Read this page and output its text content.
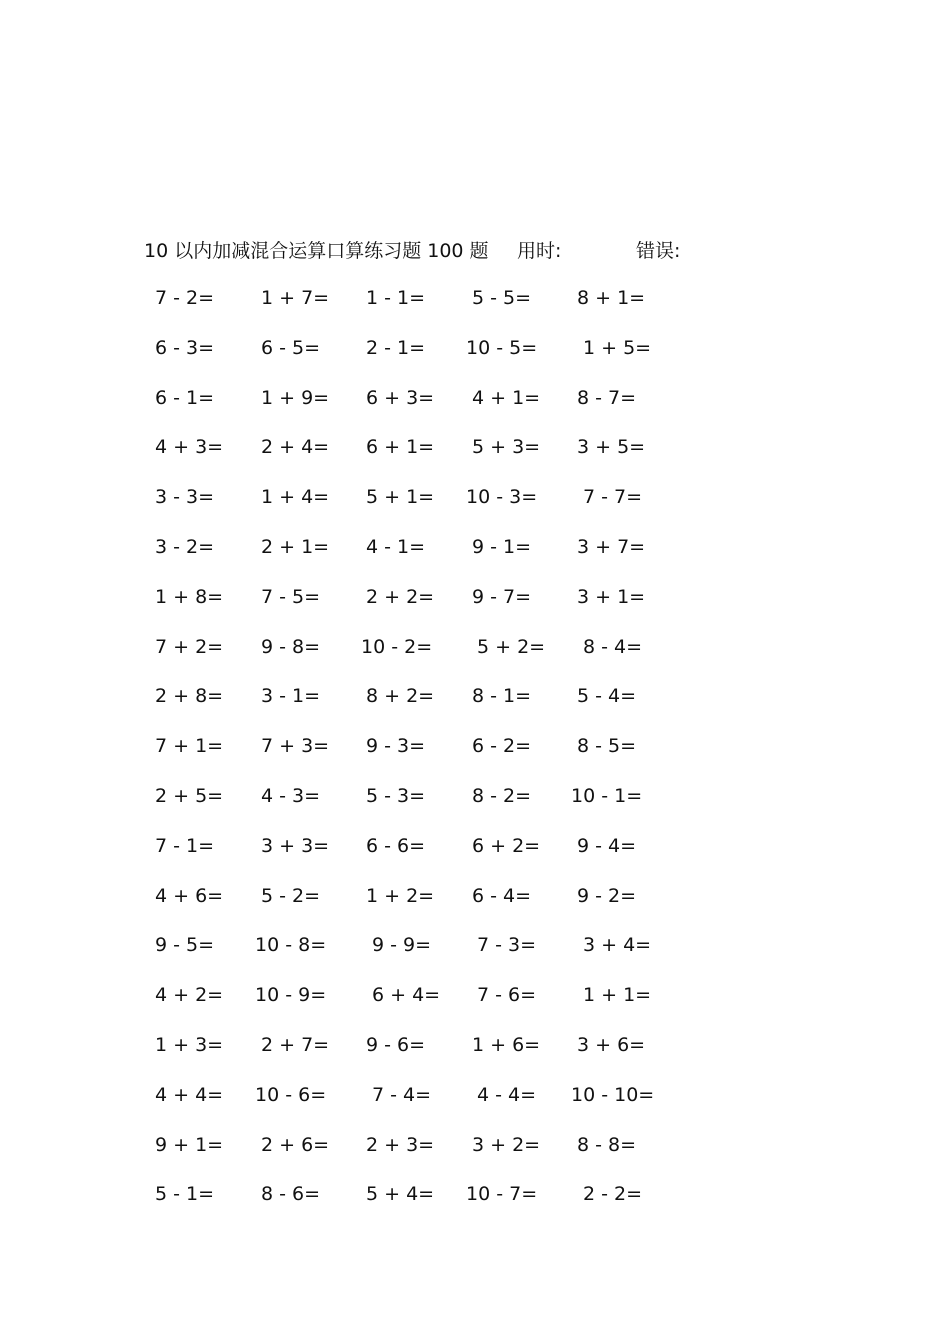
10 以内加减混合运算口算练习题 100 题 用时:	错误:
7 - 2= 1 + 7= 1 - 1= 5 - 5= 8 + 1=
6 - 3= 6 - 5= 2 - 1= 10 - 5= 1 + 5=
6 - 1= 1 + 9= 6 + 3= 4 + 1= 8 - 7=
4 + 3= 2 + 4= 6 + 1= 5 + 3= 3 + 5=
3 - 3= 1 + 4= 5 + 1= 10 - 3= 7 - 7=
3 - 2= 2 + 1= 4 - 1= 9 - 1= 3 + 7=
1 + 8= 7 - 5= 2 + 2= 9 - 7= 3 + 1=
7 + 2= 9 - 8= 10 - 2= 5 + 2= 8 - 4=
2 + 8= 3 - 1= 8 + 2= 8 - 1= 5 - 4=
7 + 1= 7 + 3= 9 - 3= 6 - 2= 8 - 5=
2 + 5= 4 - 3= 5 - 3= 8 - 2= 10 - 1=
7 - 1= 3 + 3= 6 - 6= 6 + 2= 9 - 4=
4 + 6= 5 - 2= 1 + 2= 6 - 4= 9 - 2=
9 - 5= 10 - 8= 9 - 9= 7 - 3= 3 + 4=
4 + 2= 10 - 9= 6 + 4= 7 - 6= 1 + 1=
1 + 3= 2 + 7= 9 - 6= 1 + 6= 3 + 6=
4 + 4= 10 - 6= 7 - 4= 4 - 4= 10 - 10=
9 + 1= 2 + 6= 2 + 3= 3 + 2= 8 - 8=
5 - 1= 8 - 6= 5 + 4= 10 - 7= 2 - 2=
